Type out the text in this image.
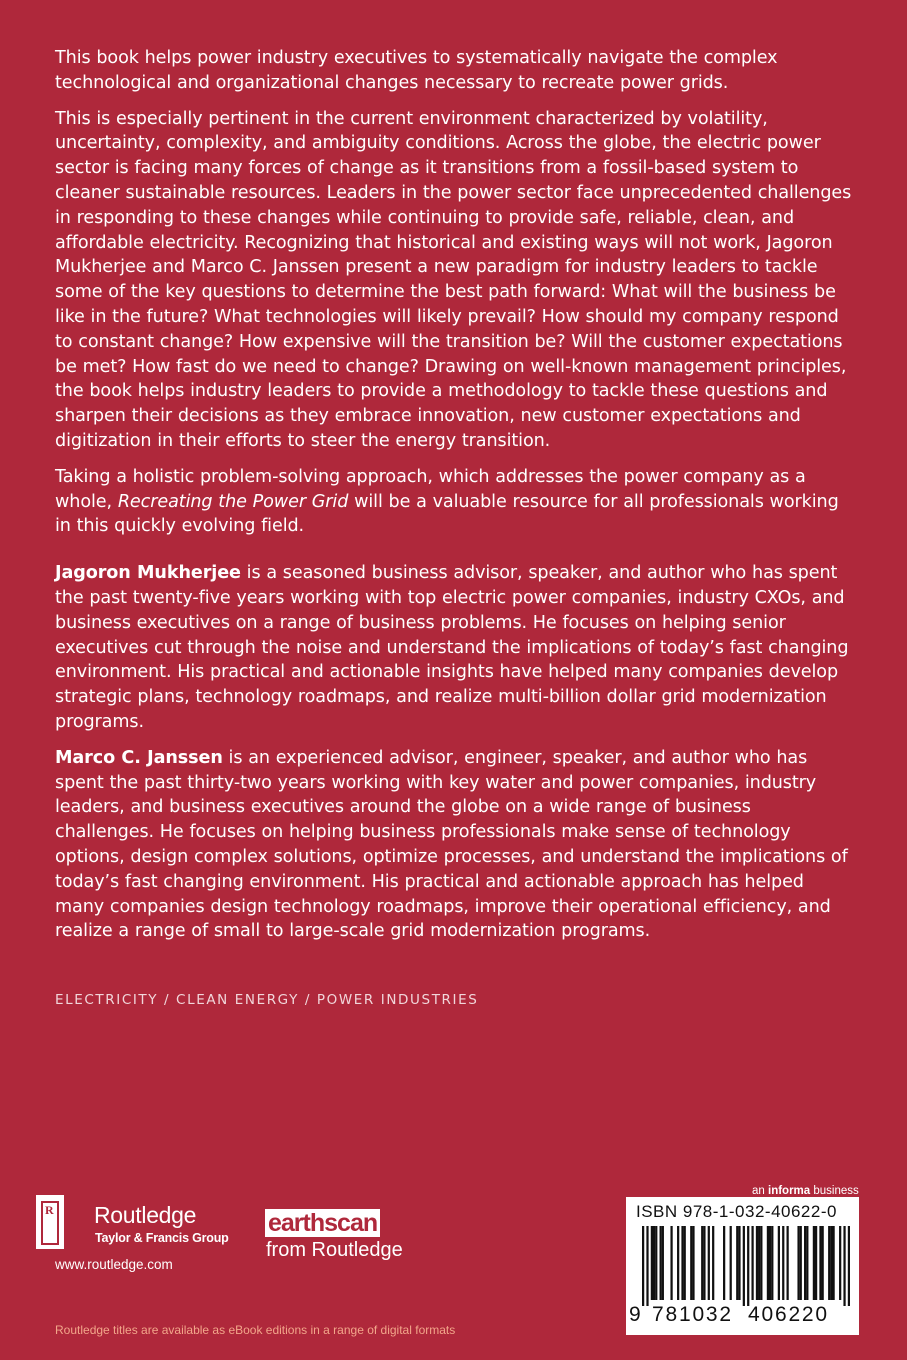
This book helps power industry executives to systematically navigate the complex technological and organizational changes necessary to recreate power grids.

This is especially pertinent in the current environment characterized by volatility, uncertainty, complexity, and ambiguity conditions. Across the globe, the electric power sector is facing many forces of change as it transitions from a fossil-based system to cleaner sustainable resources. Leaders in the power sector face unprecedented challenges in responding to these changes while continuing to provide safe, reliable, clean, and affordable electricity. Recognizing that historical and existing ways will not work, Jagoron Mukherjee and Marco C. Janssen present a new paradigm for industry leaders to tackle some of the key questions to determine the best path forward: What will the business be like in the future? What technologies will likely prevail? How should my company respond to constant change? How expensive will the transition be? Will the customer expectations be met? How fast do we need to change? Drawing on well-known management principles, the book helps industry leaders to provide a methodology to tackle these questions and sharpen their decisions as they embrace innovation, new customer expectations and digitization in their efforts to steer the energy transition.

Taking a holistic problem-solving approach, which addresses the power company as a whole, Recreating the Power Grid will be a valuable resource for all professionals working in this quickly evolving field.

Jagoron Mukherjee is a seasoned business advisor, speaker, and author who has spent the past twenty-five years working with top electric power companies, industry CXOs, and business executives on a range of business problems. He focuses on helping senior executives cut through the noise and understand the implications of today’s fast changing environment. His practical and actionable insights have helped many companies develop strategic plans, technology roadmaps, and realize multi-billion dollar grid modernization programs.

Marco C. Janssen is an experienced advisor, engineer, speaker, and author who has spent the past thirty-two years working with key water and power companies, industry leaders, and business executives around the globe on a wide range of business challenges. He focuses on helping business professionals make sense of technology options, design complex solutions, optimize processes, and understand the implications of today’s fast changing environment. His practical and actionable approach has helped many companies design technology roadmaps, improve their operational efficiency, and realize a range of small to large-scale grid modernization programs.

ELECTRICITY / CLEAN ENERGY / POWER INDUSTRIES
R Routledge
Taylor & Francis Group
www.routledge.com
earthscan
from Routledge
Routledge titles are available as eBook editions in a range of digital formats
an informa business
ISBN 978-1-032-40622-0
9 781032 406220
